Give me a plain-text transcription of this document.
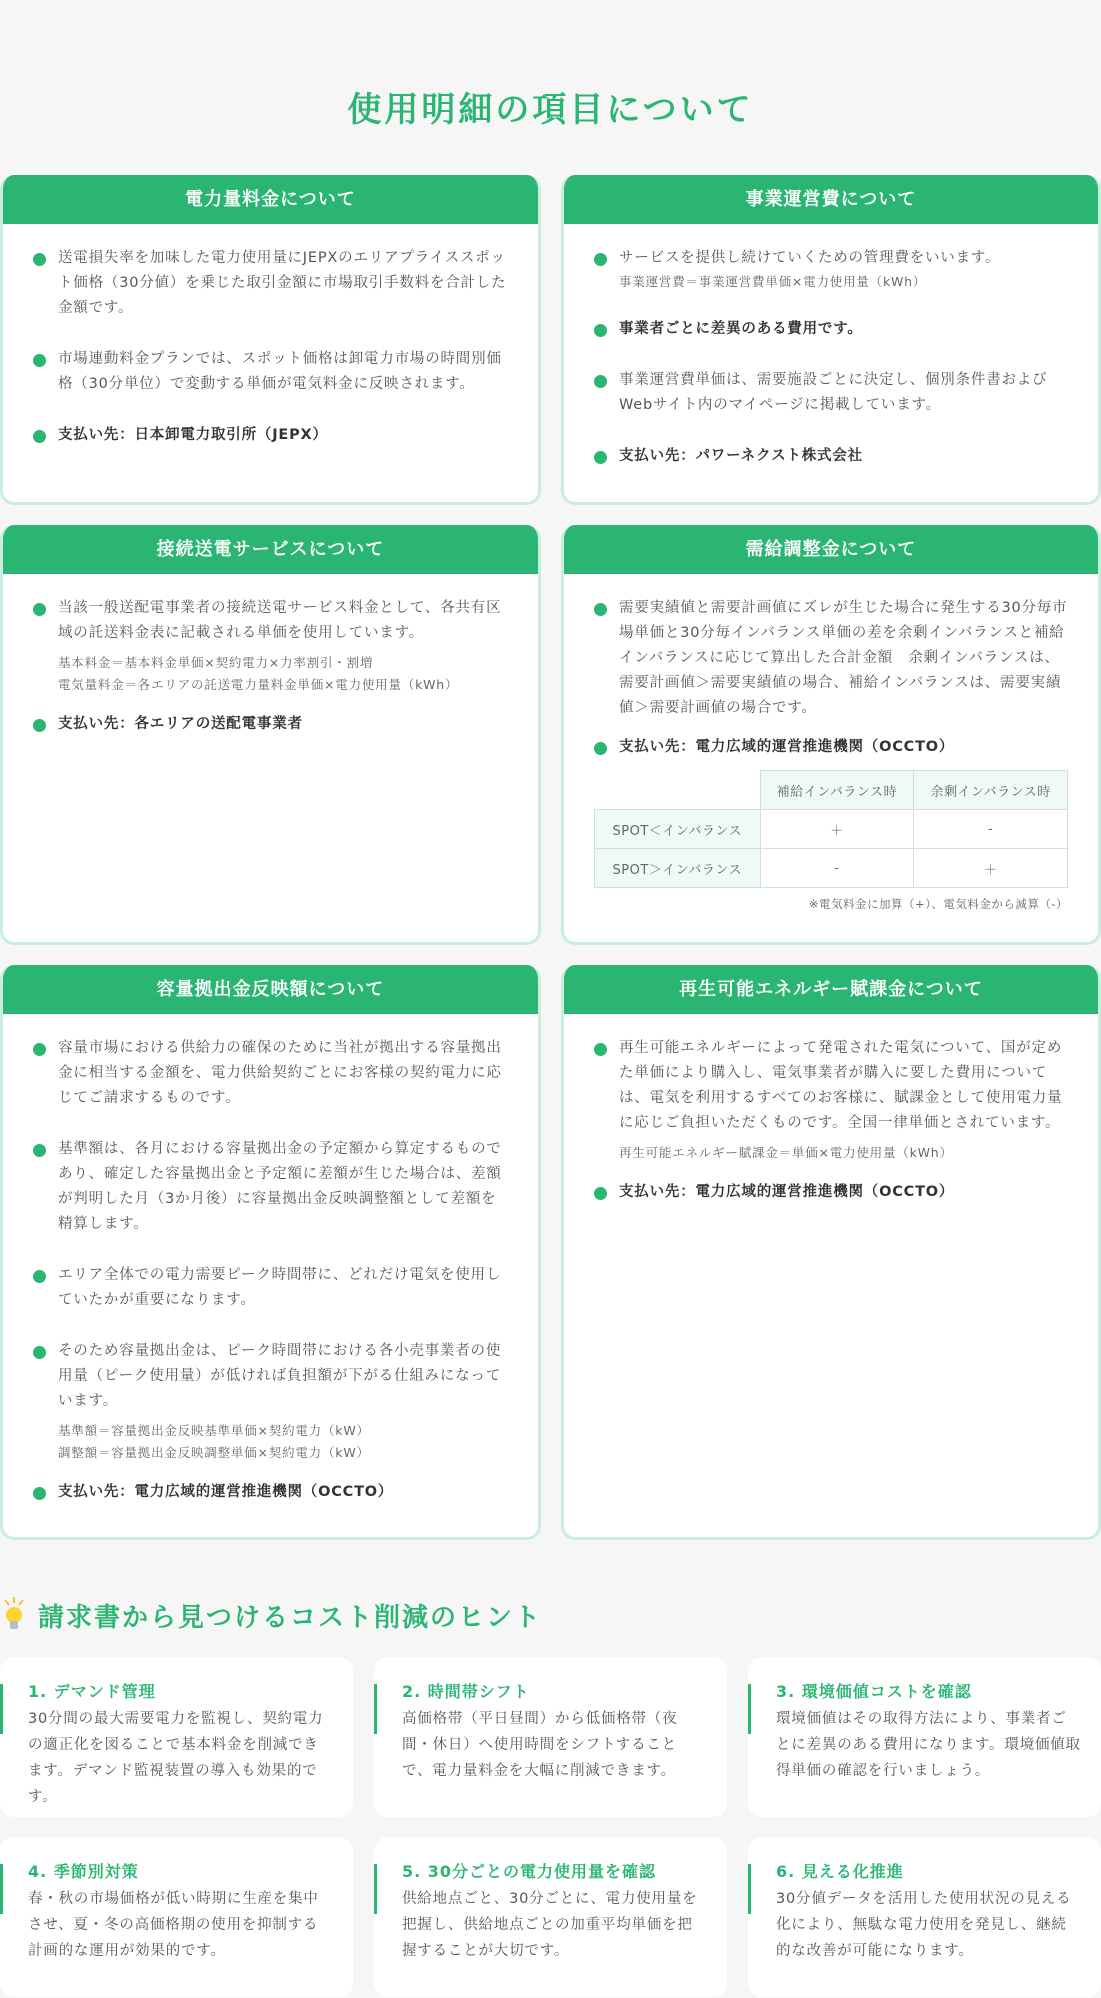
使用明細の項目について
電力量料金について
送電損失率を加味した電力使用量にJEPXのエリアプライススポット価格（30分値）を乗じた取引金額に市場取引手数料を合計した金額です。
市場連動料金プランでは、スポット価格は卸電力市場の時間別価格（30分単位）で変動する単価が電気料金に反映されます。
支払い先：日本卸電力取引所（JEPX）
事業運営費について
サービスを提供し続けていくための管理費をいいます。
事業運営費＝事業運営費単価×電力使用量（kWh）
事業者ごとに差異のある費用です。
事業運営費単価は、需要施設ごとに決定し、個別条件書およびWebサイト内のマイページに掲載しています。
支払い先：パワーネクスト株式会社
接続送電サービスについて
当該一般送配電事業者の接続送電サービス料金として、各共有区域の託送料金表に記載される単価を使用しています。
基本料金＝基本料金単価×契約電力×力率割引・割増
電気量料金＝各エリアの託送電力量料金単価×電力使用量（kWh）
支払い先：各エリアの送配電事業者
需給調整金について
需要実績値と需要計画値にズレが生じた場合に発生する30分毎市場単価と30分毎インバランス単価の差を余剰インバランスと補給インバランスに応じて算出した合計金額　余剰インバランスは、需要計画値＞需要実績値の場合、補給インバランスは、需要実績値＞需要計画値の場合です。
支払い先：電力広域的運営推進機関（OCCTO）
	補給インバランス時	余剰インバランス時
SPOT＜インバランス	＋	-
SPOT＞インバランス	-	＋
※電気料金に加算（+）、電気料金から減算（-）
容量拠出金反映額について
容量市場における供給力の確保のために当社が拠出する容量拠出金に相当する金額を、電力供給契約ごとにお客様の契約電力に応じてご請求するものです。
基準額は、各月における容量拠出金の予定額から算定するものであり、確定した容量拠出金と予定額に差額が生じた場合は、差額が判明した月（3か月後）に容量拠出金反映調整額として差額を精算します。
エリア全体での電力需要ピーク時間帯に、どれだけ電気を使用していたかが重要になります。
そのため容量拠出金は、ピーク時間帯における各小売事業者の使用量（ピーク使用量）が低ければ負担額が下がる仕組みになっています。
基準額＝容量拠出金反映基準単価×契約電力（kW）
調整額＝容量拠出金反映調整単価×契約電力（kW）
支払い先：電力広域的運営推進機関（OCCTO）
再生可能エネルギー賦課金について
再生可能エネルギーによって発電された電気について、国が定めた単価により購入し、電気事業者が購入に要した費用については、電気を利用するすべてのお客様に、賦課金として使用電力量に応じご負担いただくものです。全国一律単価とされています。
再生可能エネルギー賦課金＝単価×電力使用量（kWh）
支払い先：電力広域的運営推進機関（OCCTO）
請求書から見つけるコスト削減のヒント
1. デマンド管理
30分間の最大需要電力を監視し、契約電力の適正化を図ることで基本料金を削減できます。デマンド監視装置の導入も効果的です。
2. 時間帯シフト
高価格帯（平日昼間）から低価格帯（夜間・休日）へ使用時間をシフトすることで、電力量料金を大幅に削減できます。
3. 環境価値コストを確認
環境価値はその取得方法により、事業者ごとに差異のある費用になります。環境価値取得単価の確認を行いましょう。
4. 季節別対策
春・秋の市場価格が低い時期に生産を集中させ、夏・冬の高価格期の使用を抑制する計画的な運用が効果的です。
5. 30分ごとの電力使用量を確認
供給地点ごと、30分ごとに、電力使用量を把握し、供給地点ごとの加重平均単価を把握することが大切です。
6. 見える化推進
30分値データを活用した使用状況の見える化により、無駄な電力使用を発見し、継続的な改善が可能になります。
